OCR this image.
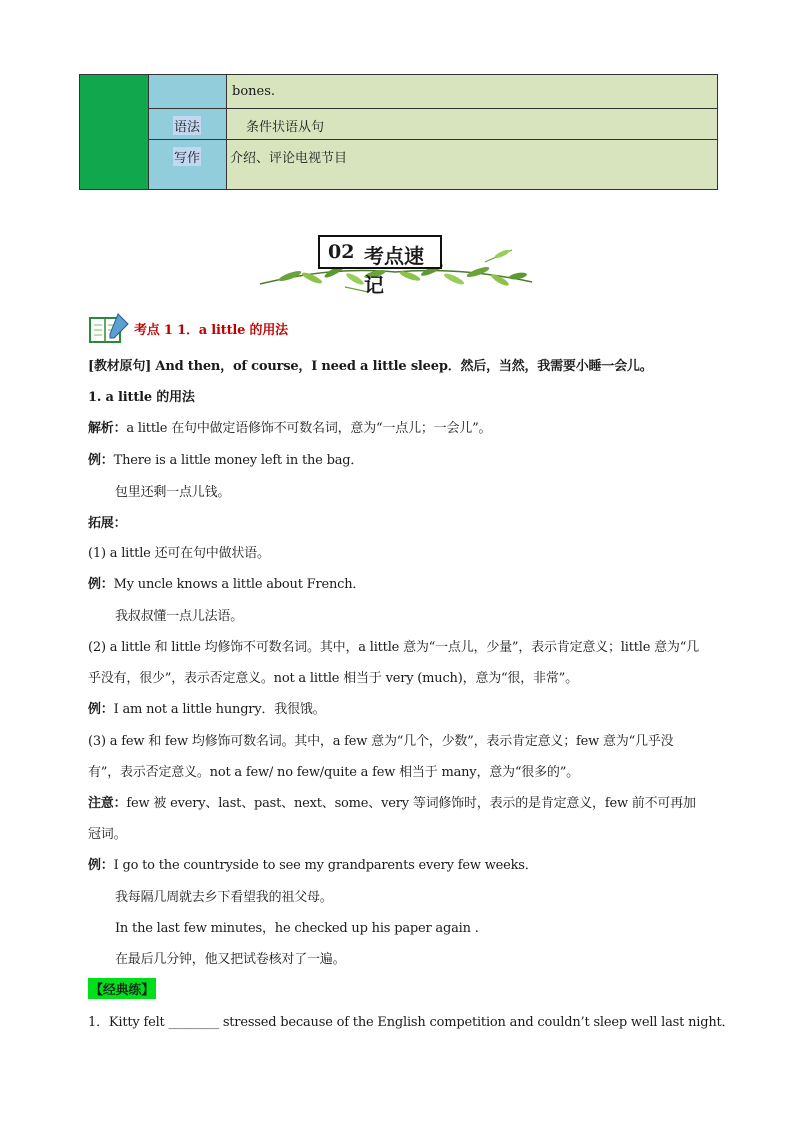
bones.
语法	条件状语从句
写作 介绍、评论电视节目
02 考点速记
考点 1 1．a little 的用法
[教材原句] And then，of course，I need a little sleep．然后，当然，我需要小睡一会儿。
1. a little 的用法
解析：a little 在句中做定语修饰不可数名词，意为“一点儿；一会儿”。
例：There is a little money left in the bag．
包里还剩一点儿钱。
拓展：
(1) a little 还可在句中做状语。
例：My uncle knows a little about French．
我叔叔懂一点儿法语。
(2) a little 和 little 均修饰不可数名词。其中，a little 意为“一点儿，少量”，表示肯定意义；little 意为“几
乎没有，很少”，表示否定意义。not a little 相当于 very (much)，意为“很，非常”。
例：I am not a little hungry．我很饿。
(3) a few 和 few 均修饰可数名词。其中，a few 意为“几个，少数”，表示肯定意义；few 意为“几乎没
有”，表示否定意义。not a few/ no few/quite a few 相当于 many，意为“很多的”。
注意：few 被 every、last、past、next、some、very 等词修饰时，表示的是肯定意义，few 前不可再加
冠词。
例：I go to the countryside to see my grandparents every few weeks．
我每隔几周就去乡下看望我的祖父母。
In the last few minutes，he checked up his paper again .
在最后几分钟，他又把试卷核对了一遍。
【经典练】
1．Kitty felt ________ stressed because of the English competition and couldn’t sleep well last night．
